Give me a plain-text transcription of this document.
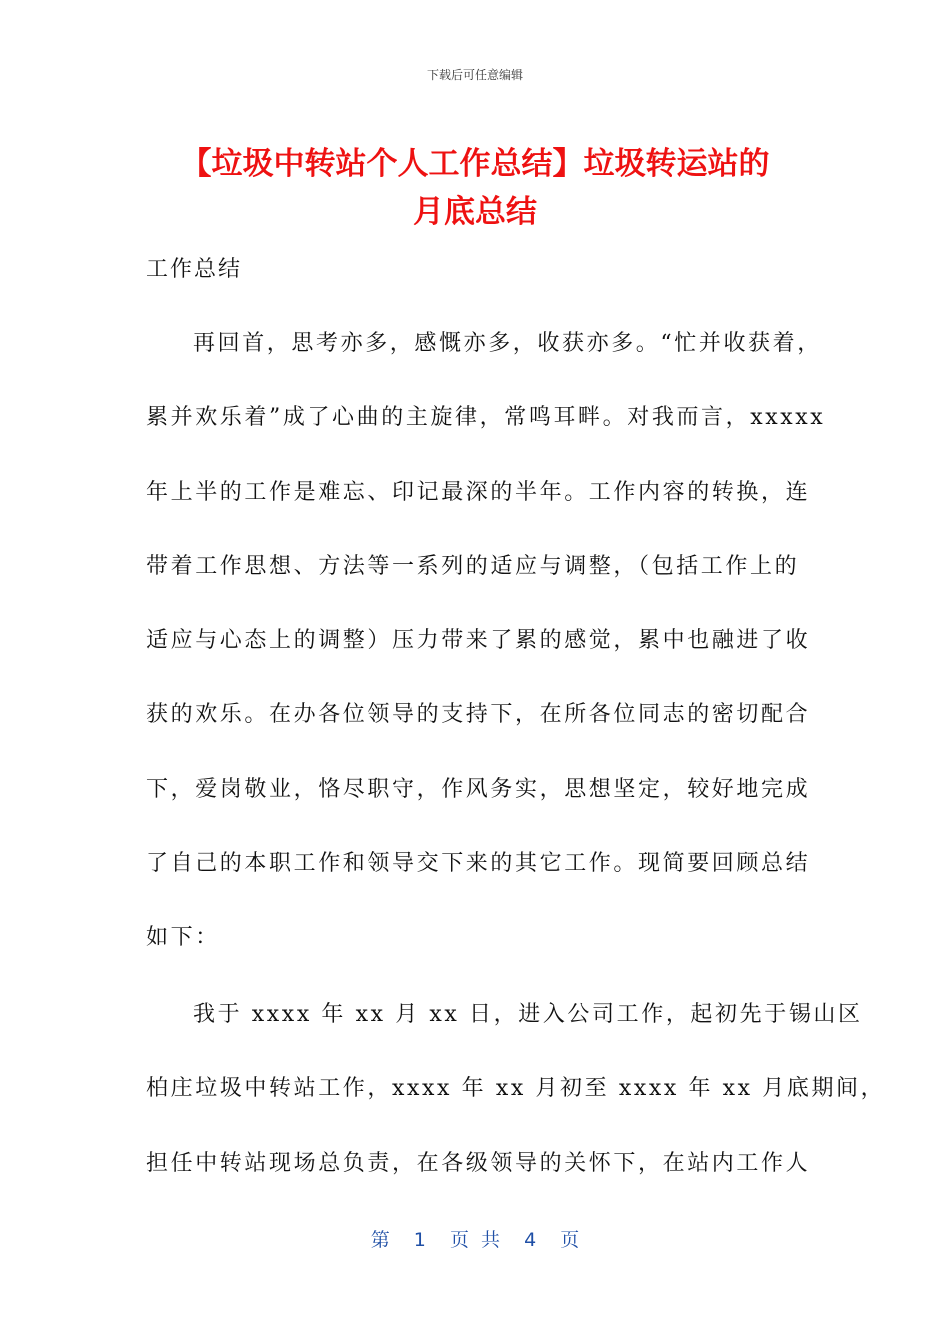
下载后可任意编辑
【垃圾中转站个人工作总结】垃圾转运站的
月底总结
工作总结
再回首，思考亦多，感慨亦多，收获亦多。“忙并收获着，
累并欢乐着”成了心曲的主旋律，常鸣耳畔。对我而言，xxxxx
年上半的工作是难忘、印记最深的半年。工作内容的转换，连
带着工作思想、方法等一系列的适应与调整，（包括工作上的
适应与心态上的调整）压力带来了累的感觉，累中也融进了收
获的欢乐。在办各位领导的支持下，在所各位同志的密切配合
下，爱岗敬业，恪尽职守，作风务实，思想坚定，较好地完成
了自己的本职工作和领导交下来的其它工作。现简要回顾总结
如下：
我于 xxxx 年 xx 月 xx 日，进入公司工作，起初先于锡山区
柏庄垃圾中转站工作，xxxx 年 xx 月初至 xxxx 年 xx 月底期间，
担任中转站现场总负责，在各级领导的关怀下，在站内工作人
第  1  页 共  4  页
